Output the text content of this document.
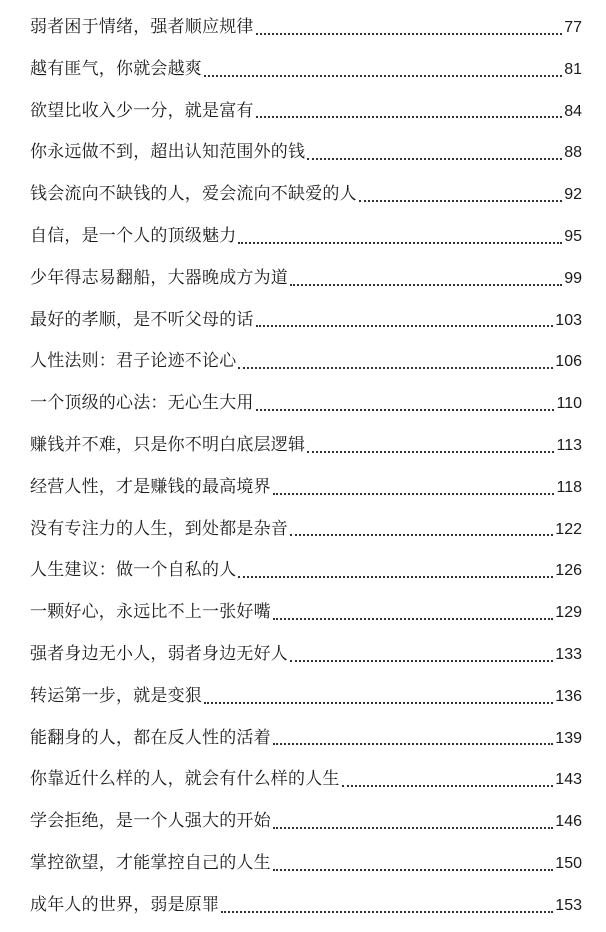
弱者困于情绪，强者顺应规律	77
越有匪气，你就会越爽	81
欲望比收入少一分，就是富有	84
你永远做不到，超出认知范围外的钱	88
钱会流向不缺钱的人，爱会流向不缺爱的人	92
自信，是一个人的顶级魅力	95
少年得志易翻船，大器晚成方为道	99
最好的孝顺，是不听父母的话	103
人性法则：君子论迹不论心	106
一个顶级的心法：无心生大用	110
赚钱并不难，只是你不明白底层逻辑	113
经营人性，才是赚钱的最高境界	118
没有专注力的人生，到处都是杂音	122
人生建议：做一个自私的人	126
一颗好心，永远比不上一张好嘴	129
强者身边无小人，弱者身边无好人	133
转运第一步，就是变狠	136
能翻身的人，都在反人性的活着	139
你靠近什么样的人，就会有什么样的人生	143
学会拒绝，是一个人强大的开始	146
掌控欲望，才能掌控自己的人生	150
成年人的世界，弱是原罪	153
